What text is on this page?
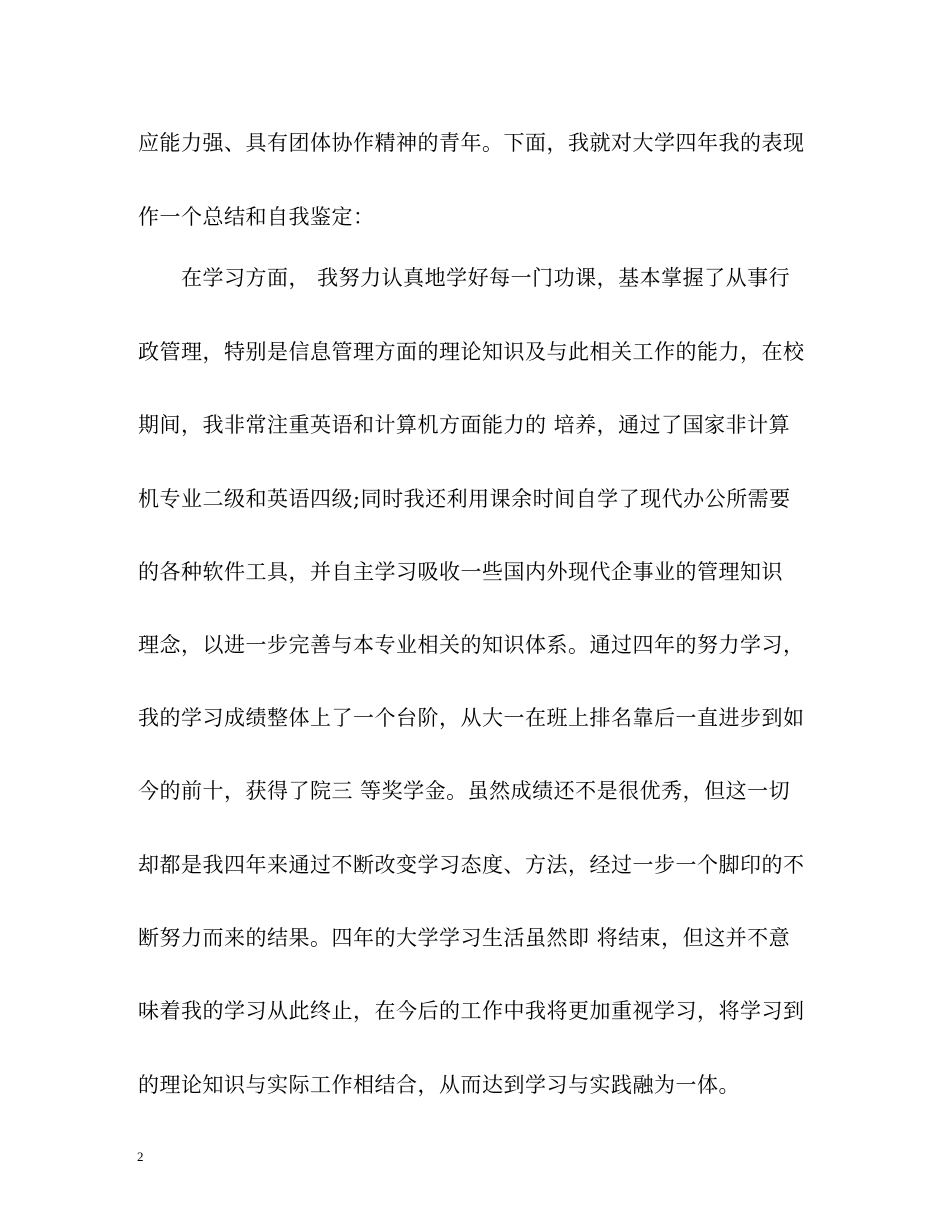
应能力强、具有团体协作精神的青年。下面，我就对大学四年我的表现
作一个总结和自我鉴定：
在学习方面， 我努力认真地学好每一门功课，基本掌握了从事行
政管理，特别是信息管理方面的理论知识及与此相关工作的能力，在校
期间，我非常注重英语和计算机方面能力的 培养，通过了国家非计算
机专业二级和英语四级;同时我还利用课余时间自学了现代办公所需要
的各种软件工具，并自主学习吸收一些国内外现代企事业的管理知识
理念，以进一步完善与本专业相关的知识体系。通过四年的努力学习，
我的学习成绩整体上了一个台阶，从大一在班上排名靠后一直进步到如
今的前十，获得了院三 等奖学金。虽然成绩还不是很优秀，但这一切
却都是我四年来通过不断改变学习态度、方法，经过一步一个脚印的不
断努力而来的结果。四年的大学学习生活虽然即 将结束，但这并不意
味着我的学习从此终止，在今后的工作中我将更加重视学习，将学习到
的理论知识与实际工作相结合，从而达到学习与实践融为一体。
2
